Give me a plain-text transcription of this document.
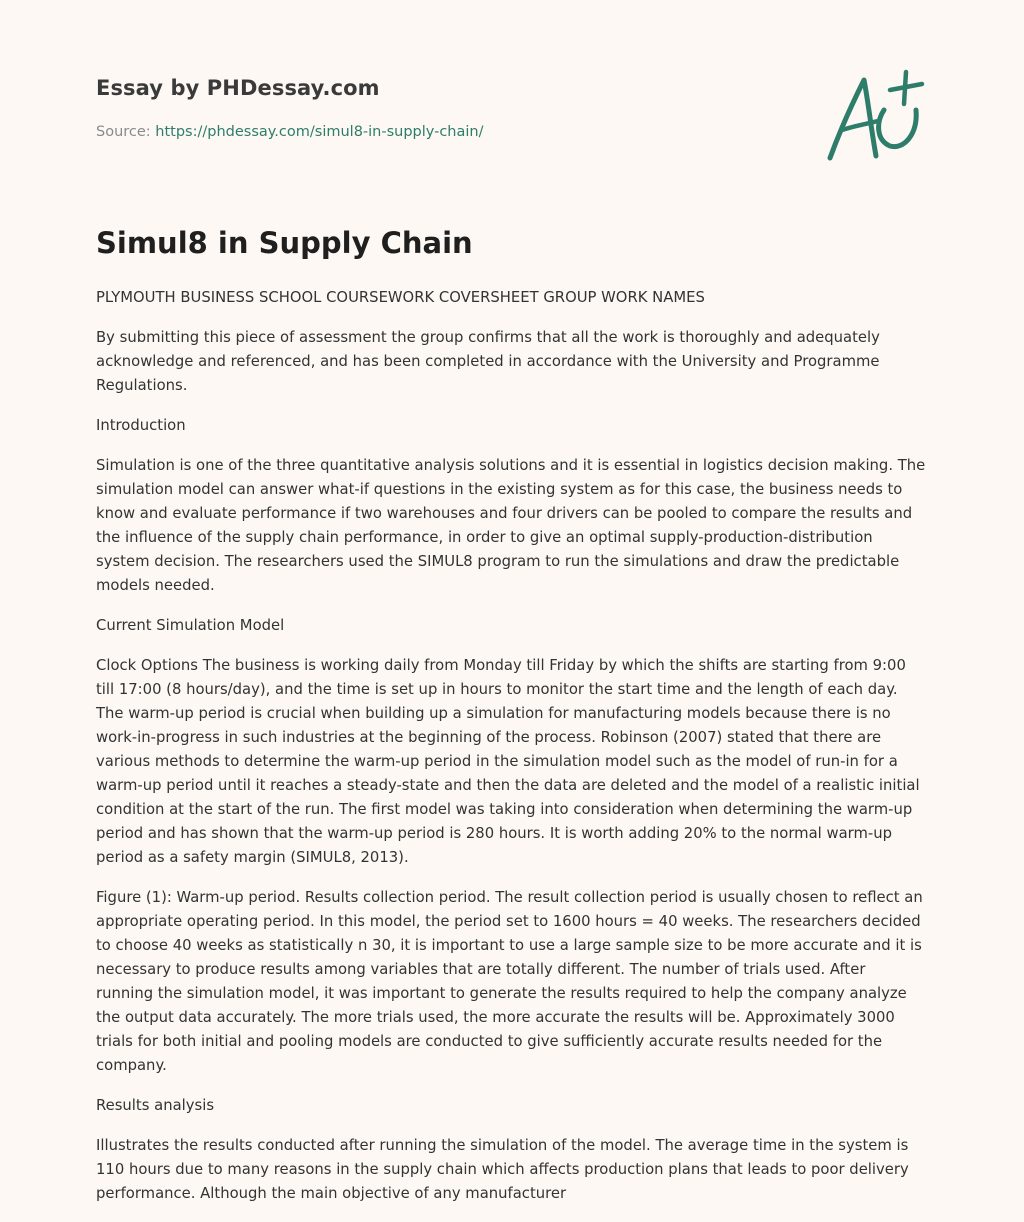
Essay by PHDessay.com
Source: https://phdessay.com/simul8-in-supply-chain/
Simul8 in Supply Chain

PLYMOUTH BUSINESS SCHOOL COURSEWORK COVERSHEET GROUP WORK NAMES

By submitting this piece of assessment the group confirms that all the work is thoroughly and adequately acknowledge and referenced, and has been completed in accordance with the University and Programme Regulations.

Introduction

Simulation is one of the three quantitative analysis solutions and it is essential in logistics decision making. The simulation model can answer what-if questions in the existing system as for this case, the business needs to know and evaluate performance if two warehouses and four drivers can be pooled to compare the results and the influence of the supply chain performance, in order to give an optimal supply-production-distribution system decision. The researchers used the SIMUL8 program to run the simulations and draw the predictable models needed.

Current Simulation Model

Clock Options The business is working daily from Monday till Friday by which the shifts are starting from 9:00 till 17:00 (8 hours/day), and the time is set up in hours to monitor the start time and the length of each day. The warm-up period is crucial when building up a simulation for manufacturing models because there is no work-in-progress in such industries at the beginning of the process. Robinson (2007) stated that there are various methods to determine the warm-up period in the simulation model such as the model of run-in for a warm-up period until it reaches a steady-state and then the data are deleted and the model of a realistic initial condition at the start of the run. The first model was taking into consideration when determining the warm-up period and has shown that the warm-up period is 280 hours. It is worth adding 20% to the normal warm-up period as a safety margin (SIMUL8, 2013).

Figure (1): Warm-up period. Results collection period. The result collection period is usually chosen to reflect an appropriate operating period. In this model, the period set to 1600 hours = 40 weeks. The researchers decided to choose 40 weeks as statistically n 30, it is important to use a large sample size to be more accurate and it is necessary to produce results among variables that are totally different. The number of trials used. After running the simulation model, it was important to generate the results required to help the company analyze the output data accurately. The more trials used, the more accurate the results will be. Approximately 3000 trials for both initial and pooling models are conducted to give sufficiently accurate results needed for the company.

Results analysis

Illustrates the results conducted after running the simulation of the model. The average time in the system is 110 hours due to many reasons in the supply chain which affects production plans that leads to poor delivery performance. Although the main objective of any manufacturer
